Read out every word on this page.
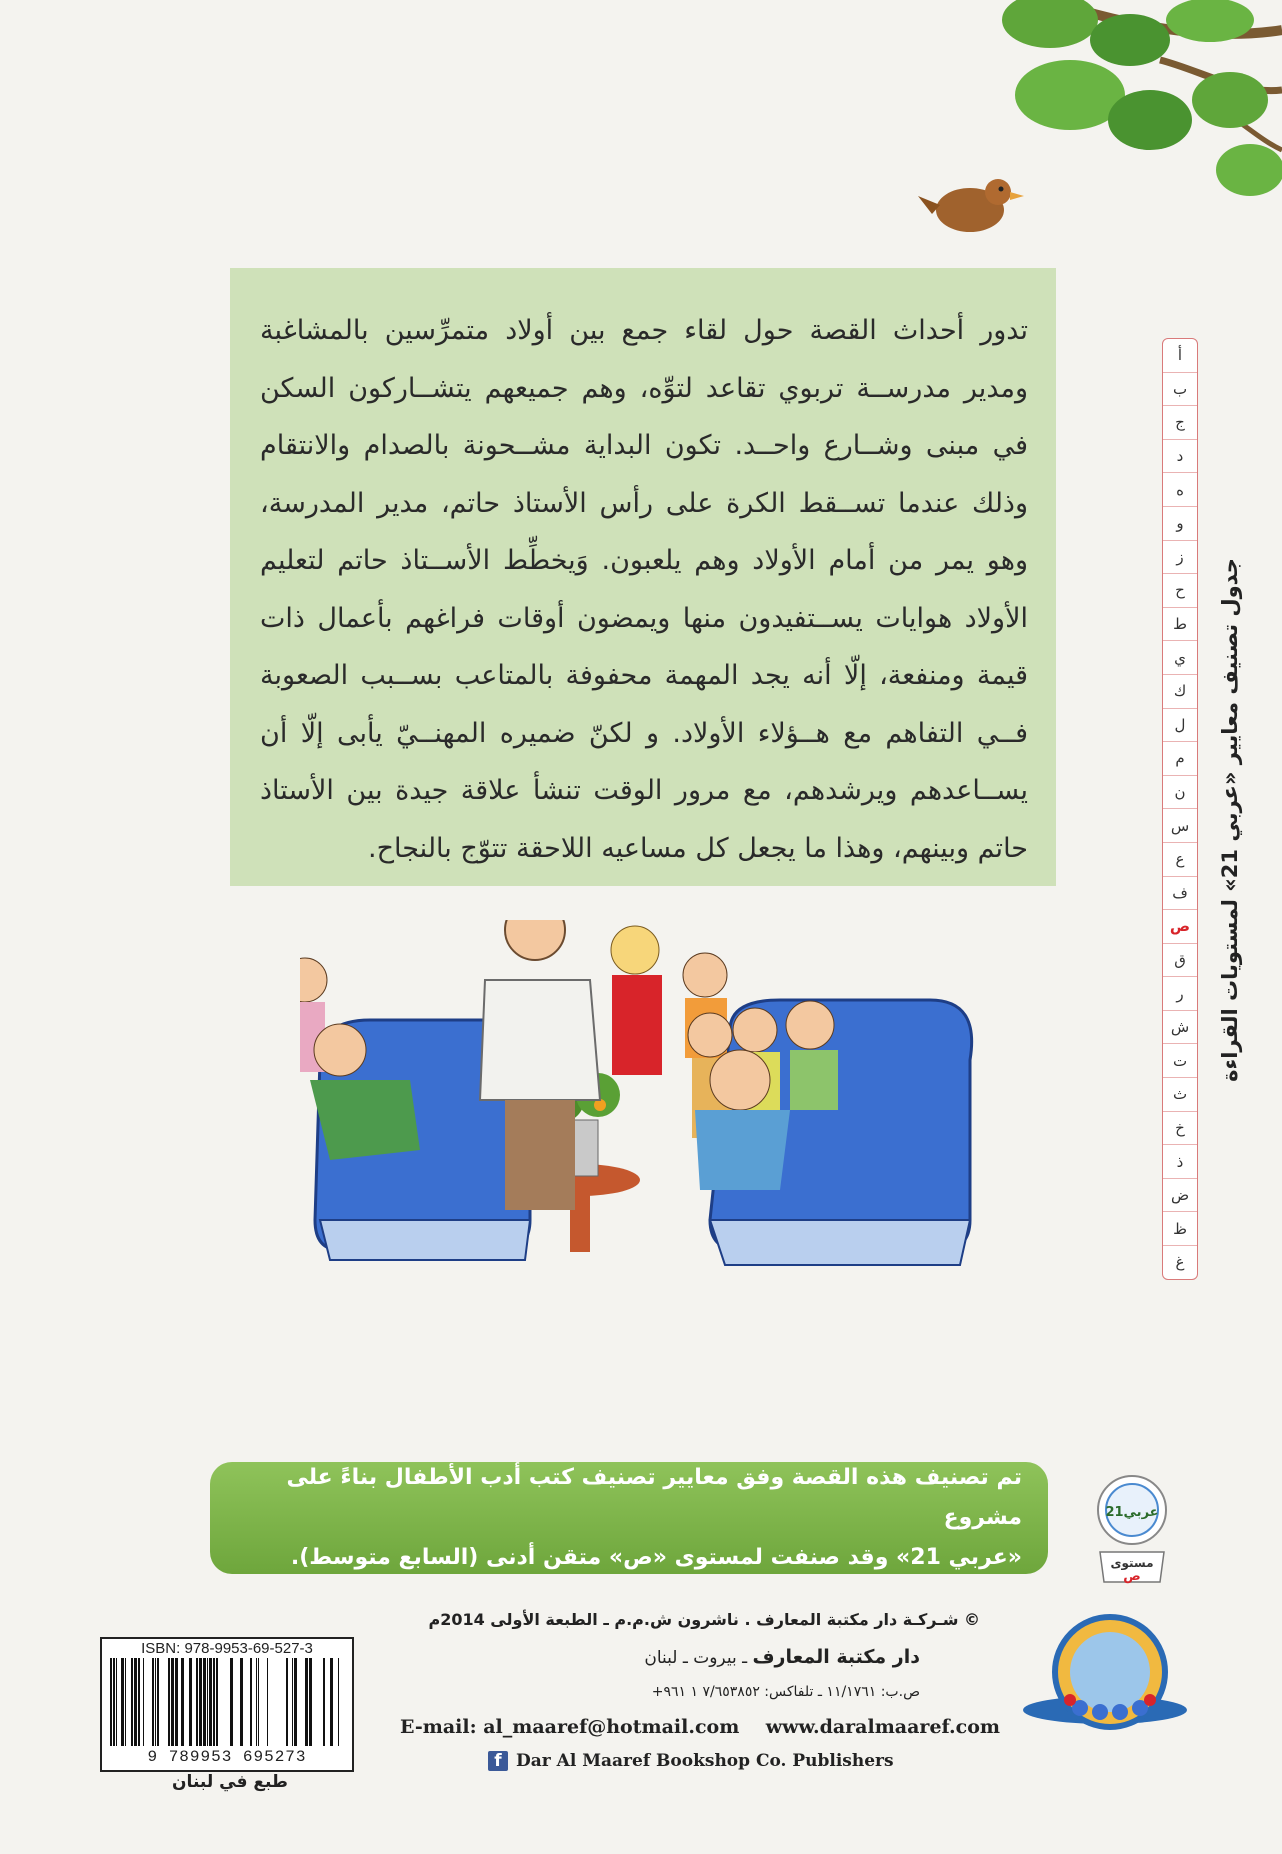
تدور أحداث القصة حول لقاء جمع بين أولاد متمرِّسين بالمشاغبة ومدير مدرســة تربوي تقاعد لتوِّه، وهم جميعهم يتشــاركون السكن في مبنى وشــارع واحــد. تكون البداية مشــحونة بالصدام والانتقام وذلك عندما تســقط الكرة على رأس الأستاذ حاتم، مدير المدرسة، وهو يمر من أمام الأولاد وهم يلعبون. وَيخطِّط الأســتاذ حاتم لتعليم الأولاد هوايات يســتفيدون منها ويمضون أوقات فراغهم بأعمال ذات قيمة ومنفعة، إلّا أنه يجد المهمة محفوفة بالمتاعب بســبب الصعوبة فــي التفاهم مع هــؤلاء الأولاد. و لكنّ ضميره المهنــيّ يأبى إلّا أن يســاعدهم ويرشدهم، مع مرور الوقت تنشأ علاقة جيدة بين الأستاذ حاتم وبينهم، وهذا ما يجعل كل مساعيه اللاحقة تتوّج بالنجاح.

أ
ب
ج
د
ه
و
ز
ح
ط
ي
ك
ل
م
ن
س
ع
ف
ص
ق
ر
ش
ت
ث
خ
ذ
ض
ظ
غ
جدول تصنيف معايير «عربي 21» لمستويات القراءة

تم تصنيف هذه القصة وفق معايير تصنيف كتب أدب الأطفال بناءً على مشروع

«عربي 21» وقد صنفت لمستوى «ص» متقن أدنى (السابع متوسط).

عربي21
مستوى
ص
© شـركـة دار مكتبة المعارف . ناشرون ش.م.م ـ الطبعة الأولى 2014م
دار مكتبة المعارف ـ بيروت ـ لبنان
ص.ب: ١١/١٧٦١ ـ تلفاكس: ٧/٦٥٣٨٥٢ ١ ٩٦١+
E-mail: al_maaref@hotmail.com www.daralmaaref.com
f Dar Al Maaref Bookshop Co. Publishers
ISBN: 978-9953-69-527-3
9 789953 695273
طبع في لبنان
